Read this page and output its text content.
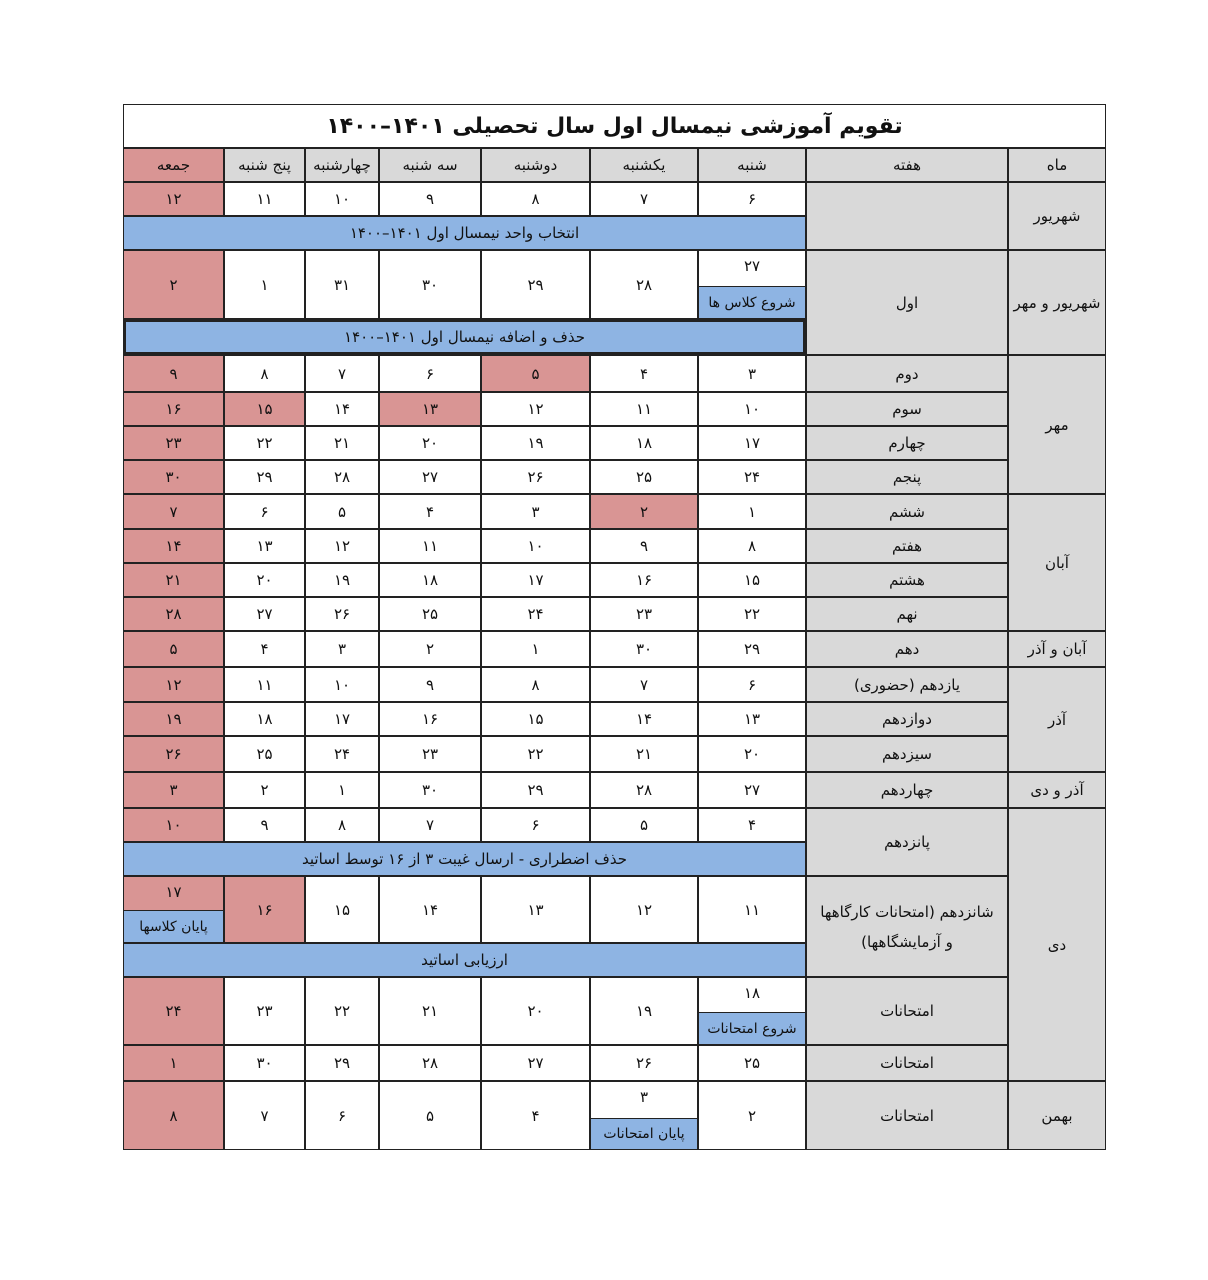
تقویم آموزشی نیمسال اول سال تحصیلی ۱۴۰۱–۱۴۰۰
ماه
هفته
شنبه
یکشنبه
دوشنبه
سه شنبه
چهارشنبه
پنج شنبه
جمعه
۶
۷
۸
۹
۱۰
۱۱
۱۲
۲۷
۲۸
۲۹
۳۰
۳۱
۱
۲
۳
۴
۵
۶
۷
۸
۹
۱۰
۱۱
۱۲
۱۳
۱۴
۱۵
۱۶
۱۷
۱۸
۱۹
۲۰
۲۱
۲۲
۲۳
۲۴
۲۵
۲۶
۲۷
۲۸
۲۹
۳۰
۱
۲
۳
۴
۵
۶
۷
۸
۹
۱۰
۱۱
۱۲
۱۳
۱۴
۱۵
۱۶
۱۷
۱۸
۱۹
۲۰
۲۱
۲۲
۲۳
۲۴
۲۵
۲۶
۲۷
۲۸
۲۹
۳۰
۱
۲
۳
۴
۵
۶
۷
۸
۹
۱۰
۱۱
۱۲
۱۳
۱۴
۱۵
۱۶
۱۷
۱۸
۱۹
۲۰
۲۱
۲۲
۲۳
۲۴
۲۵
۲۶
۲۷
۲۸
۲۹
۳۰
۱
۲
۳
۴
۵
۶
۷
۸
۹
۱۰
۱۱
۱۲
۱۳
۱۴
۱۵
۱۶
۱۷
۱۸
۱۹
۲۰
۲۱
۲۲
۲۳
۲۴
۲۵
۲۶
۲۷
۲۸
۲۹
۳۰
۱
۲
۳
۴
۵
۶
۷
۸
اول
دوم
سوم
چهارم
پنجم
ششم
هفتم
هشتم
نهم
دهم
یازدهم (حضوری)
دوازدهم
سیزدهم
چهاردهم
پانزدهم
امتحانات
امتحانات
امتحانات
شانزدهم (امتحانات کارگاهها
و آزمایشگاهها)
شهریور
شهریور و مهر
مهر
آبان
آبان و آذر
آذر
آذر و دی
دی
بهمن
انتخاب واحد نیمسال اول ۱۴۰۱–۱۴۰۰
حذف و اضافه نیمسال اول ۱۴۰۱–۱۴۰۰
حذف اضطراری - ارسال غیبت ۳ از ۱۶ توسط اساتید
ارزیابی اساتید
شروع کلاس ها
پایان کلاسها
شروع امتحانات
پایان امتحانات
